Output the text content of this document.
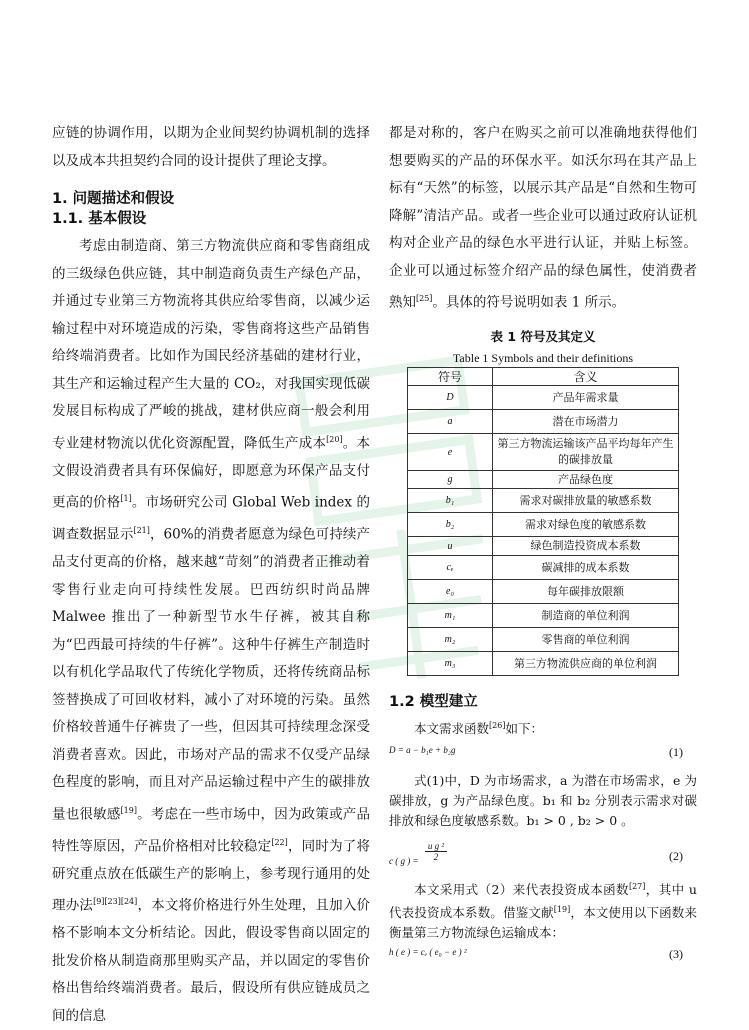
应链的协调作用，以期为企业间契约协调机制的选择以及成本共担契约合同的设计提供了理论支撑。

1. 问题描述和假设
1.1. 基本假设

考虑由制造商、第三方物流供应商和零售商组成的三级绿色供应链，其中制造商负责生产绿色产品，并通过专业第三方物流将其供应给零售商，以减少运输过程中对环境造成的污染，零售商将这些产品销售给终端消费者。比如作为国民经济基础的建材行业，其生产和运输过程产生大量的 CO₂，对我国实现低碳发展目标构成了严峻的挑战，建材供应商一般会利用专业建材物流以优化资源配置，降低生产成本[20]。本文假设消费者具有环保偏好，即愿意为环保产品支付更高的价格[1]。市场研究公司 Global Web index 的调查数据显示[21]，60%的消费者愿意为绿色可持续产品支付更高的价格，越来越“苛刻”的消费者正推动着零售行业走向可持续性发展。巴西纺织时尚品牌 Malwee 推出了一种新型节水牛仔裤，被其自称为“巴西最可持续的牛仔裤”。这种牛仔裤生产制造时以有机化学品取代了传统化学物质，还将传统商品标签替换成了可回收材料，减小了对环境的污染。虽然价格较普通牛仔裤贵了一些，但因其可持续理念深受消费者喜欢。因此，市场对产品的需求不仅受产品绿色程度的影响，而且对产品运输过程中产生的碳排放量也很敏感[19]。考虑在一些市场中，因为政策或产品特性等原因，产品价格相对比较稳定[22]，同时为了将研究重点放在低碳生产的影响上，参考现行通用的处理办法[9][23][24]，本文将价格进行外生处理，且加入价格不影响本文分析结论。因此，假设零售商以固定的批发价格从制造商那里购买产品，并以固定的零售价格出售给终端消费者。最后，假设所有供应链成员之间的信息

都是对称的，客户在购买之前可以准确地获得他们想要购买的产品的环保水平。如沃尔玛在其产品上标有“天然”的标签，以展示其产品是“自然和生物可降解”清洁产品。或者一些企业可以通过政府认证机构对企业产品的绿色水平进行认证，并贴上标签。企业可以通过标签介绍产品的绿色属性，使消费者熟知[25]。具体的符号说明如表 1 所示。

表 1 符号及其定义
Table 1 Symbols and their definitions
符号	含义
D	产品年需求量
a	潜在市场潜力
e	第三方物流运输该产品平均每年产生的碳排放量
g	产品绿色度
b₁	需求对碳排放量的敏感系数
b₂	需求对绿色度的敏感系数
u	绿色制造投资成本系数
cₑ	碳减排的成本系数
e₀	每年碳排放限额
m₁	制造商的单位利润
m₂	零售商的单位利润
m₃	第三方物流供应商的单位利润
1.2 模型建立

本文需求函数[26]如下：

D = a − b₁e + b₂g	(1)

式(1)中，D 为市场需求，a 为潜在市场需求，e 为碳排放，g 为产品绿色度。b₁ 和 b₂ 分别表示需求对碳排放和绿色度敏感系数。b₁ > 0 , b₂ > 0 。

c ( g ) = $\frac{\text{u g ²}}{2}$	(2)

本文采用式（2）来代表投资成本函数[27]，其中 u 代表投资成本系数。借鉴文献[19]，本文使用以下函数来衡量第三方物流绿色运输成本：

h ( e ) = cₑ ( e₀ − e ) ²	(3)
